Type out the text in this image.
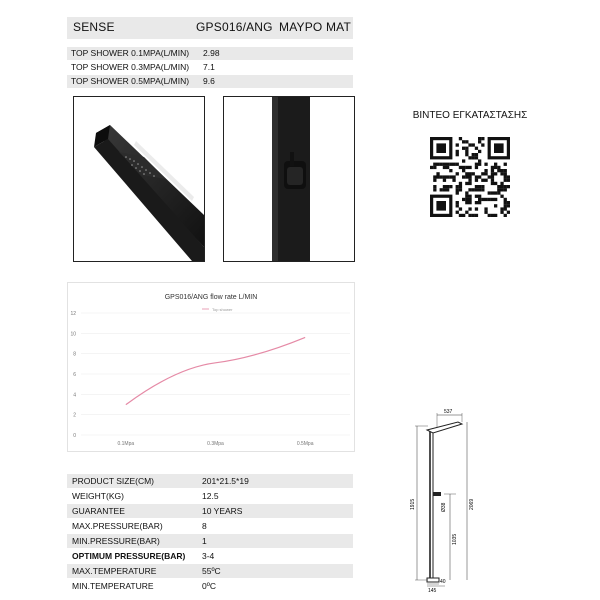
SENSE	GPS016/ANG ΜΑΥΡΟ ΜΑΤ
TOP SHOWER 0.1MPA(L/MIN) 2.98
TOP SHOWER 0.3MPA(L/MIN) 7.1
TOP SHOWER 0.5MPA(L/MIN) 9.6
ΒΙΝΤΕΟ ΕΓΚΑΤΑΣΤΑΣΗΣ
GPS016/ANG flow rate L/MIN
Top shower
0
2
4
6
8
10
12
0.1Mpa	0.3Mpa	0.5Mpa
PRODUCT SIZE(CM)	201*21.5*19
WEIGHT(KG)	12.5
GUARANTEE	10 YEARS
MAX.PRESSURE(BAR)	8
MIN.PRESSURE(BAR)	1
OPTIMUM PRESSURE(BAR) 3-4
MAX.TEMPERATURE	55ºC
MIN.TEMPERATURE	0ºC
537
1915	2069
1035
Ø38
40
145
